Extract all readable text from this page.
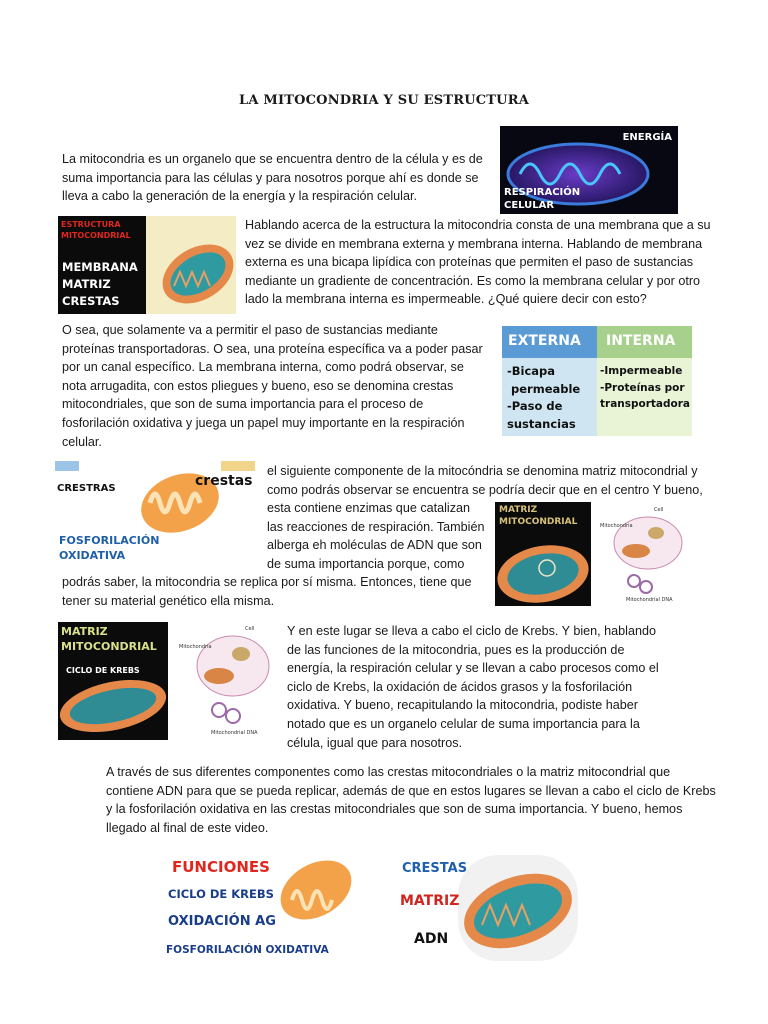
LA MITOCONDRIA Y SU ESTRUCTURA

La mitocondria es un organelo que se encuentra dentro de la célula y es de suma importancia para las células y para nosotros porque ahí es donde se lleva a cabo la generación de la energía y la respiración celular.

ENERGÍA
RESPIRACIÓN
CELULAR
ESTRUCTURA
MITOCONDRIAL
MEMBRANA
MATRIZ
CRESTAS

Hablando acerca de la estructura la mitocondria consta de una membrana que a su vez se divide en membrana externa y membrana interna. Hablando de membrana externa es una bicapa lipídica con proteínas que permiten el paso de sustancias mediante un gradiente de concentración. Es como la membrana celular y por otro lado la membrana interna es impermeable. ¿Qué quiere decir con esto?

O sea, que solamente va a permitir el paso de sustancias mediante proteínas transportadoras. O sea, una proteína específica va a poder pasar por un canal específico. La membrana interna, como podrá observar, se nota arrugadita, con estos pliegues y bueno, eso se denomina crestas mitocondriales, que son de suma importancia para el proceso de fosforilación oxidativa y juega un papel muy importante en la respiración celular.

EXTERNA INTERNA
-Bicapa
permeable
-Paso de
sustancias
-Impermeable
-Proteínas por
transportadora
CRESTRAS	crestas
FOSFORILACIÓN
OXIDATIVA

el siguiente componente de la mitocóndria se denomina matriz mitocondrial y como podrás observar se encuentra se podría decir que en el centro Y bueno,

esta contiene enzimas que catalizan las reacciones de respiración. También alberga eh moléculas de ADN que son de suma importancia porque, como

podrás saber, la mitocondria se replica por sí misma. Entonces, tiene que tener su material genético ella misma.

MATRIZ
MITOCONDRIAL
Cell
Mitochondria
Mitochondrial DNA
MATRIZ
MITOCONDRIAL
CICLO DE KREBS
Cell
Mitochondria
Mitochondrial DNA

Y en este lugar se lleva a cabo el ciclo de Krebs. Y bien, hablando de las funciones de la mitocondria, pues es la producción de energía, la respiración celular y se llevan a cabo procesos como el ciclo de Krebs, la oxidación de ácidos grasos y la fosforilación oxidativa. Y bueno, recapitulando la mitocondria, podiste haber notado que es un organelo celular de suma importancia para la célula, igual que para nosotros.

A través de sus diferentes componentes como las crestas mitocondriales o la matriz mitocondrial que contiene ADN para que se pueda replicar, además de que en estos lugares se llevan a cabo el ciclo de Krebs y la fosforilación oxidativa en las crestas mitocondriales que son de suma importancia. Y bueno, hemos llegado al final de este video.

FUNCIONES
CICLO DE KREBS
OXIDACIÓN AG
FOSFORILACIÓN OXIDATIVA
CRESTAS
MATRIZ
ADN
